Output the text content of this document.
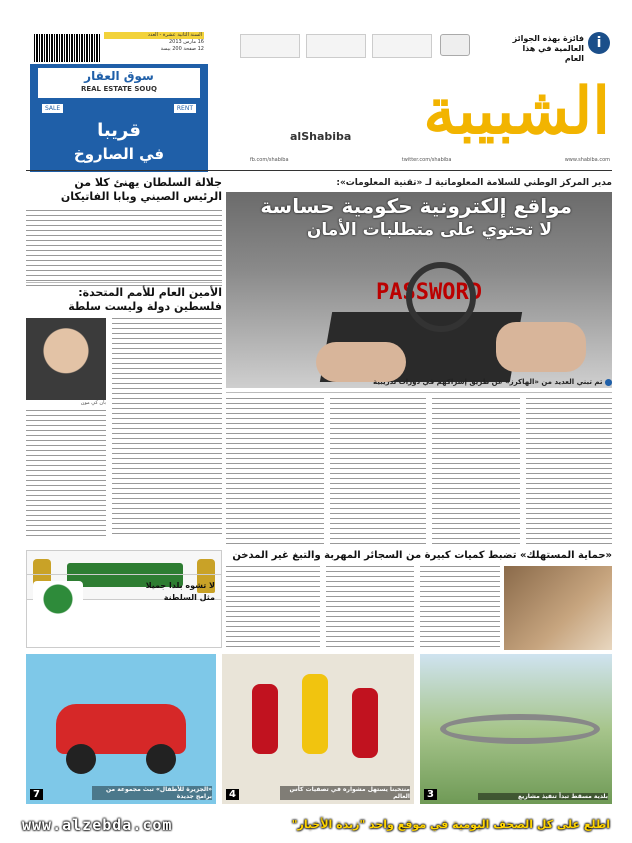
i
فائزة بهذه الجوائز العالمية في هذا العام
السنة الثانية عشرة - العدد
16 مارس 2013
12 صفحة 200 بيسة
سوق العقار
REAL ESTATE SOUQ
SALE	RENT
قريبا
في الصاروخ
الشبيبة
alShabiba
fb.com/shabiba	twitter.com/shabiba	www.shabiba.com
مدير المركز الوطني للسلامة المعلوماتية لـ «تقنية المعلومات»:
PASSWORD
مواقع إلكترونية حكومية حساسة
لا تحتوي على متطلبات الأمان
تم تبني العديد من «الهاكرز» عن طريق إشراكهم في دورات تدريبية
جلالة السلطان يهنئ كلا من
الرئيس الصيني وبابا الفاتيكان
الأمين العام للأمم المتحدة:
فلسطين دولة وليست سلطة
بان كي مون
«حماية المستهلك» تضبط كميات كبيرة من السجائر المهربة والتبغ غير المدخن
لا تشوه بلدا جميلا
مثل السلطنة
«الجزيرة للأطفال» تبث مجموعة من برامج جديدة
7	منتخبنا يستهل مشواره في تصفيات كأس العالم
4	بلدية مسقط تبدأ تنفيذ مشاريع
3
www.alzebda.com	اطلع على كل الصحف اليومية في موقع واحد "زبدة الأخبار"
